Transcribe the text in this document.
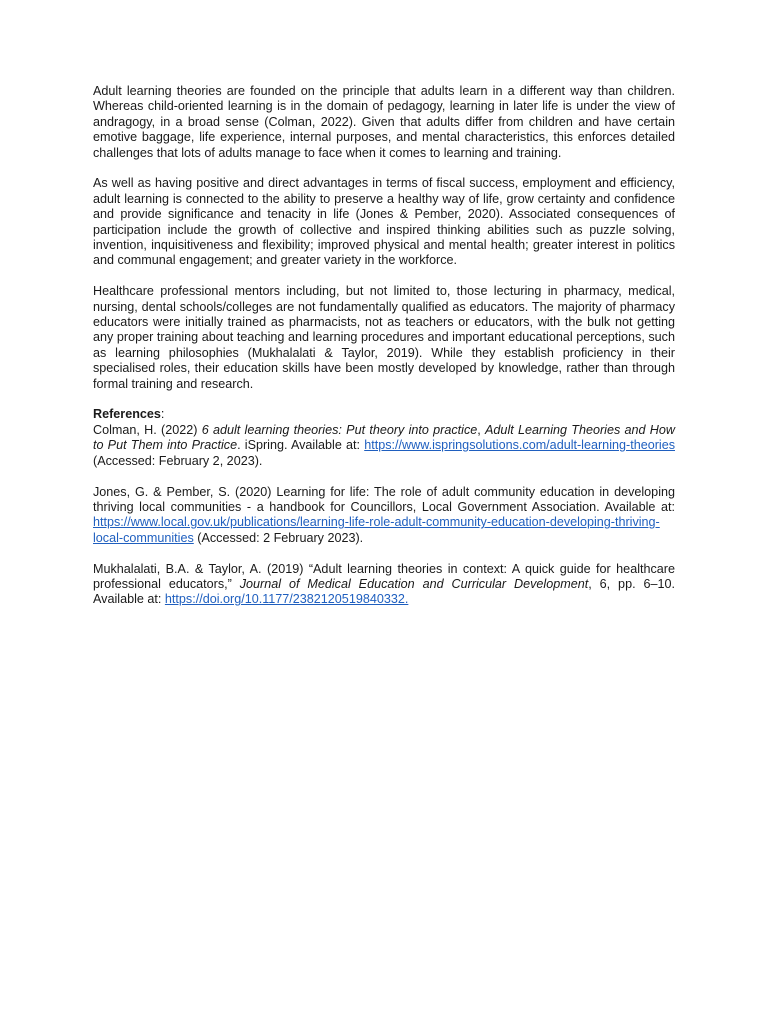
Adult learning theories are founded on the principle that adults learn in a different way than children. Whereas child-oriented learning is in the domain of pedagogy, learning in later life is under the view of andragogy, in a broad sense (Colman, 2022). Given that adults differ from children and have certain emotive baggage, life experience, internal purposes, and mental characteristics, this enforces detailed challenges that lots of adults manage to face when it comes to learning and training.

As well as having positive and direct advantages in terms of fiscal success, employment and efficiency, adult learning is connected to the ability to preserve a healthy way of life, grow certainty and confidence and provide significance and tenacity in life (Jones & Pember, 2020). Associated consequences of participation include the growth of collective and inspired thinking abilities such as puzzle solving, invention, inquisitiveness and flexibility; improved physical and mental health; greater interest in politics and communal engagement; and greater variety in the workforce.

Healthcare professional mentors including, but not limited to, those lecturing in pharmacy, medical, nursing, dental schools/colleges are not fundamentally qualified as educators. The majority of pharmacy educators were initially trained as pharmacists, not as teachers or educators, with the bulk not getting any proper training about teaching and learning procedures and important educational perceptions, such as learning philosophies (Mukhalalati & Taylor, 2019). While they establish proficiency in their specialised roles, their education skills have been mostly developed by knowledge, rather than through formal training and research.

References:

Colman, H. (2022) 6 adult learning theories: Put theory into practice, Adult Learning Theories and How to Put Them into Practice. iSpring. Available at: https://www.ispringsolutions.com/adult-learning-theories (Accessed: February 2, 2023).

Jones, G. & Pember, S. (2020) Learning for life: The role of adult community education in developing thriving local communities - a handbook for Councillors, Local Government Association. Available at: https://www.local.gov.uk/publications/learning-life-role-adult-community-education-developing-thriving-local-communities (Accessed: 2 February 2023).

Mukhalalati, B.A. & Taylor, A. (2019) “Adult learning theories in context: A quick guide for healthcare professional educators,” Journal of Medical Education and Curricular Development, 6, pp. 6–10. Available at: https://doi.org/10.1177/2382120519840332.
